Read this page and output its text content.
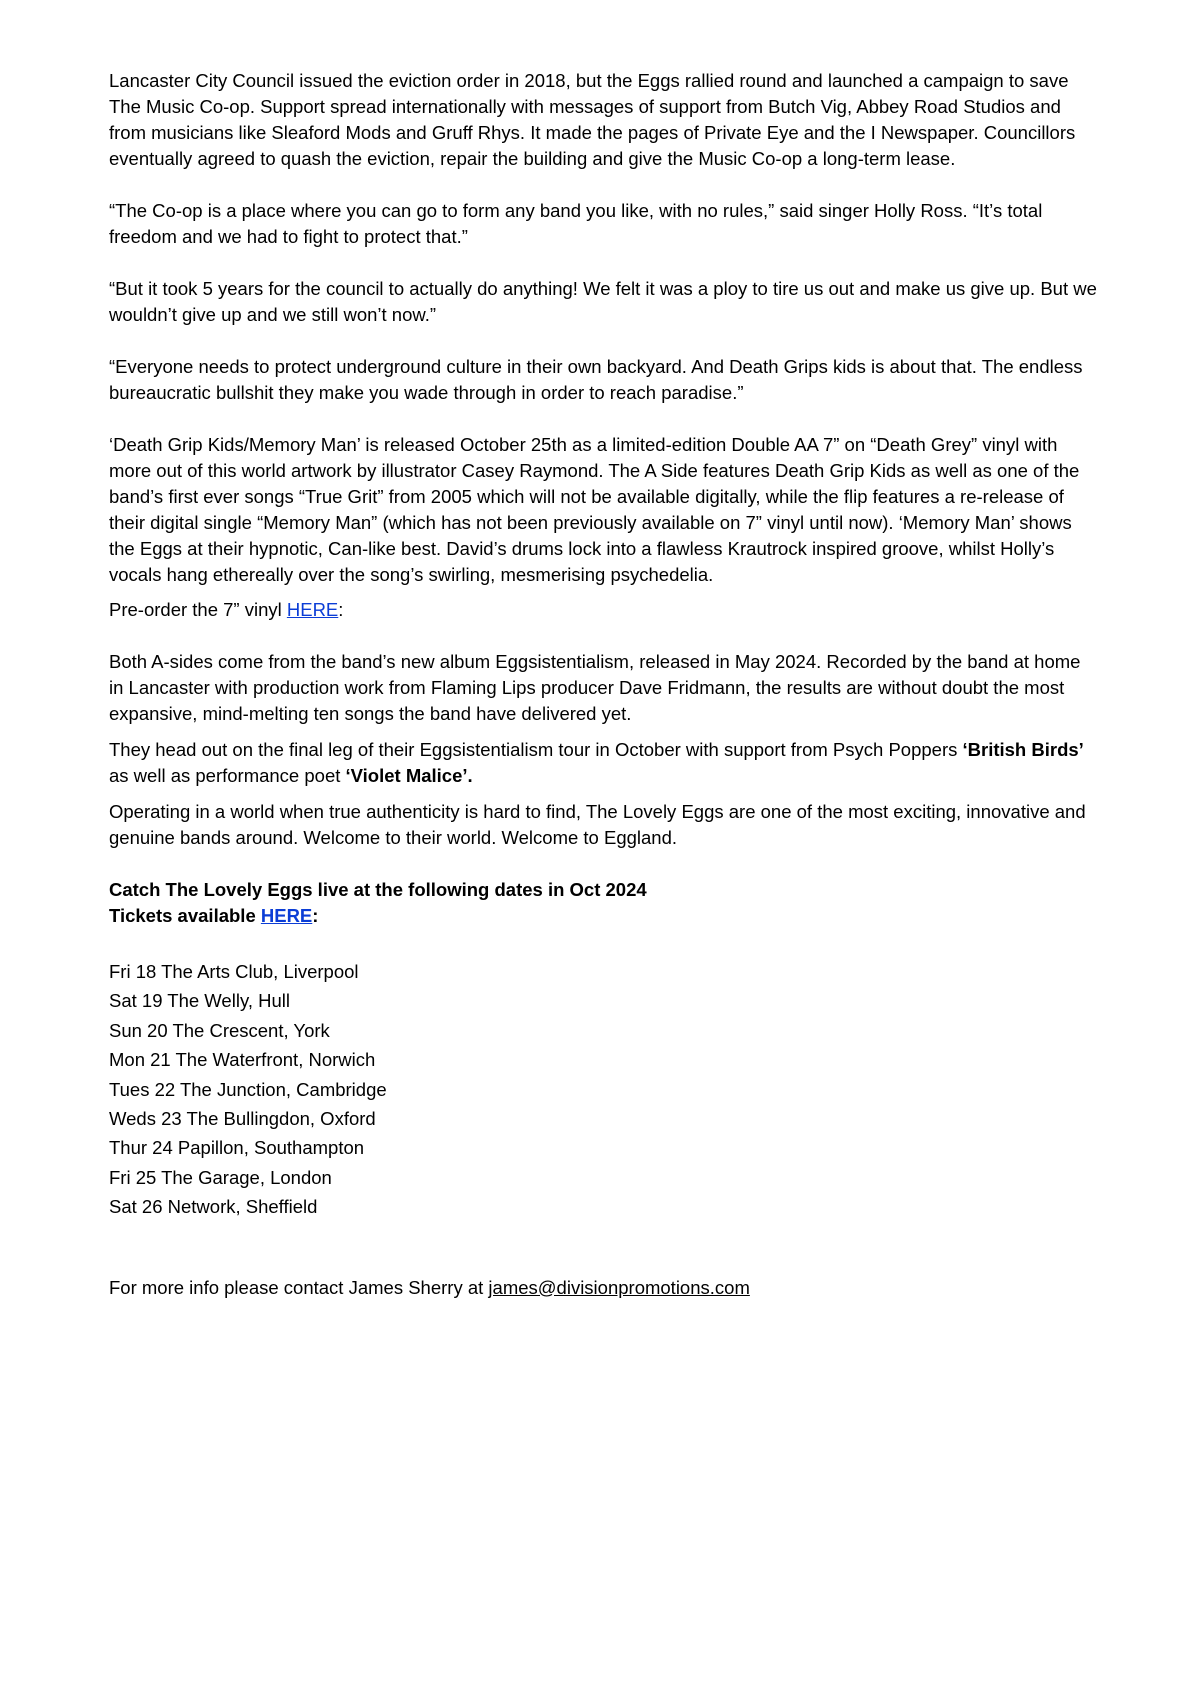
Lancaster City Council issued the eviction order in 2018, but the Eggs rallied round and launched a campaign to save The Music Co-op. Support spread internationally with messages of support from Butch Vig, Abbey Road Studios and from musicians like Sleaford Mods and Gruff Rhys. It made the pages of Private Eye and the I Newspaper. Councillors eventually agreed to quash the eviction, repair the building and give the Music Co-op a long-term lease.

“The Co-op is a place where you can go to form any band you like, with no rules,” said singer Holly Ross. “It’s total freedom and we had to fight to protect that.”

“But it took 5 years for the council to actually do anything! We felt it was a ploy to tire us out and make us give up. But we wouldn’t give up and we still won’t now.”

“Everyone needs to protect underground culture in their own backyard. And Death Grips kids is about that. The endless bureaucratic bullshit they make you wade through in order to reach paradise.”

‘Death Grip Kids/Memory Man’ is released October 25th as a limited-edition Double AA 7” on “Death Grey” vinyl with more out of this world artwork by illustrator Casey Raymond. The A Side features Death Grip Kids as well as one of the band’s first ever songs “True Grit” from 2005 which will not be available digitally, while the flip features a re-release of their digital single “Memory Man” (which has not been previously available on 7” vinyl until now). ‘Memory Man’ shows the Eggs at their hypnotic, Can-like best. David’s drums lock into a flawless Krautrock inspired groove, whilst Holly’s vocals hang ethereally over the song’s swirling, mesmerising psychedelia.

Pre-order the 7” vinyl HERE:

Both A-sides come from the band’s new album Eggsistentialism, released in May 2024. Recorded by the band at home in Lancaster with production work from Flaming Lips producer Dave Fridmann, the results are without doubt the most expansive, mind-melting ten songs the band have delivered yet.

They head out on the final leg of their Eggsistentialism tour in October with support from Psych Poppers ‘British Birds’ as well as performance poet ‘Violet Malice’.

Operating in a world when true authenticity is hard to find, The Lovely Eggs are one of the most exciting, innovative and genuine bands around. Welcome to their world. Welcome to Eggland.

Catch The Lovely Eggs live at the following dates in Oct 2024

Tickets available HERE:

Fri 18 The Arts Club, Liverpool
Sat 19 The Welly, Hull
Sun 20 The Crescent, York
Mon 21 The Waterfront, Norwich
Tues 22 The Junction, Cambridge
Weds 23 The Bullingdon, Oxford
Thur 24 Papillon, Southampton
Fri 25 The Garage, London
Sat 26 Network, Sheffield

For more info please contact James Sherry at james@divisionpromotions.com
